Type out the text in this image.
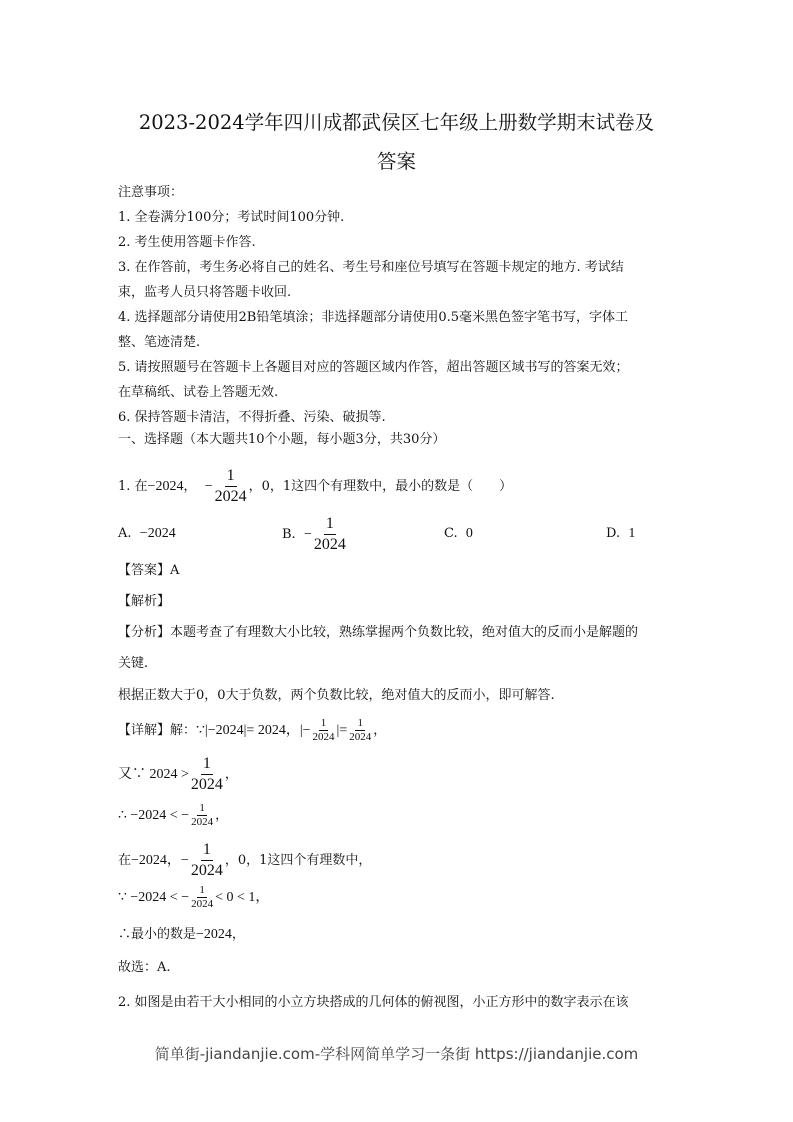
2023-2024学年四川成都武侯区七年级上册数学期末试卷及
答案
注意事项：
1. 全卷满分100分；考试时间100分钟.
2. 考生使用答题卡作答.
3. 在作答前，考生务必将自己的姓名、考生号和座位号填写在答题卡规定的地方. 考试结
束，监考人员只将答题卡收回.
4. 选择题部分请使用2B铅笔填涂；非选择题部分请使用0.5毫米黑色签字笔书写，字体工
整、笔迹清楚.
5. 请按照题号在答题卡上各题目对应的答题区域内作答，超出答题区域书写的答案无效；
在草稿纸、试卷上答题无效.
6. 保持答题卡清洁，不得折叠、污染、破损等.
一、选择题（本大题共10个小题，每小题3分，共30分）
1. 在−2024， − $\frac{1}{2024}$ ，0，1这四个有理数中，最小的数是（　　）
A. −2024	B. − $\frac{1}{2024}$	C. 0	D. 1
【答案】A
【解析】
【分析】本题考查了有理数大小比较，熟练掌握两个负数比较，绝对值大的反而小是解题的
关键.
根据正数大于0，0大于负数，两个负数比较，绝对值大的反而小，即可解答.
【详解】解：∵|−2024|= 2024，|− $\frac{1}{2024}$ |= $\frac{1}{2024}$ ，
又∵ $2024 > \frac{1}{2024}$ ，
∴ −2024 < − $\frac{1}{2024}$ ，
在−2024，− $\frac{1}{2024}$ ，0，1这四个有理数中，
∵ −2024 < − $\frac{1}{2024} < 0 < 1$，
∴最小的数是−2024，
故选：A.
2. 如图是由若干大小相同的小立方块搭成的几何体的俯视图，小正方形中的数字表示在该
简单街-jiandanjie.com-学科网简单学习一条街 https://jiandanjie.com
